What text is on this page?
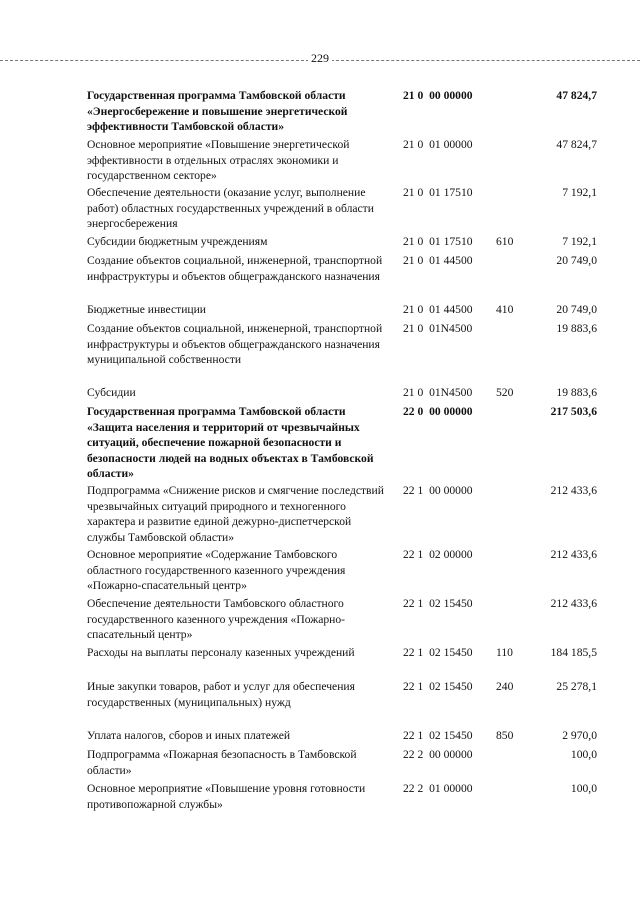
229
Государственная программа Тамбовской области «Энергосбережение и повышение энергетической эффективности Тамбовской области»
21 0  00 00000	47 824,7
Основное мероприятие «Повышение энергетической эффективности в отдельных отраслях экономики и государственном секторе»
21 0  01 00000	47 824,7
Обеспечение деятельности (оказание услуг, выполнение работ) областных государственных учреждений в области энергосбережения
21 0  01 17510	7 192,1
Субсидии бюджетным учреждениям	21 0  01 17510 610	7 192,1
Создание объектов социальной, инженерной, транспортной инфраструктуры и объектов общегражданского назначения
21 0  01 44500	20 749,0
Бюджетные инвестиции	21 0  01 44500 410	20 749,0
Создание объектов социальной, инженерной, транспортной инфраструктуры и объектов общегражданского назначения муниципальной собственности
21 0  01N4500	19 883,6
Субсидии	21 0  01N4500 520	19 883,6
Государственная программа Тамбовской области «Защита населения и территорий от чрезвычайных ситуаций, обеспечение пожарной безопасности и безопасности людей на водных объектах в Тамбовской области»
22 0  00 00000	217 503,6
Подпрограмма «Снижение рисков и смягчение последствий чрезвычайных ситуаций природного и техногенного характера и развитие единой дежурно-диспетчерской службы Тамбовской области»
22 1  00 00000	212 433,6
Основное мероприятие «Содержание Тамбовского областного государственного казенного учреждения «Пожарно-спасательный центр»
22 1  02 00000	212 433,6
Обеспечение деятельности Тамбовского областного государственного казенного учреждения «Пожарно-спасательный центр»
22 1  02 15450	212 433,6
Расходы на выплаты персоналу казенных учреждений	22 1  02 15450 110	184 185,5
Иные закупки товаров, работ и услуг для обеспечения государственных (муниципальных) нужд
22 1  02 15450 240	25 278,1
Уплата налогов, сборов и иных платежей	22 1  02 15450 850	2 970,0
Подпрограмма «Пожарная безопасность в Тамбовской области»
22 2  00 00000	100,0
Основное мероприятие «Повышение уровня готовности противопожарной службы»
22 2  01 00000	100,0
